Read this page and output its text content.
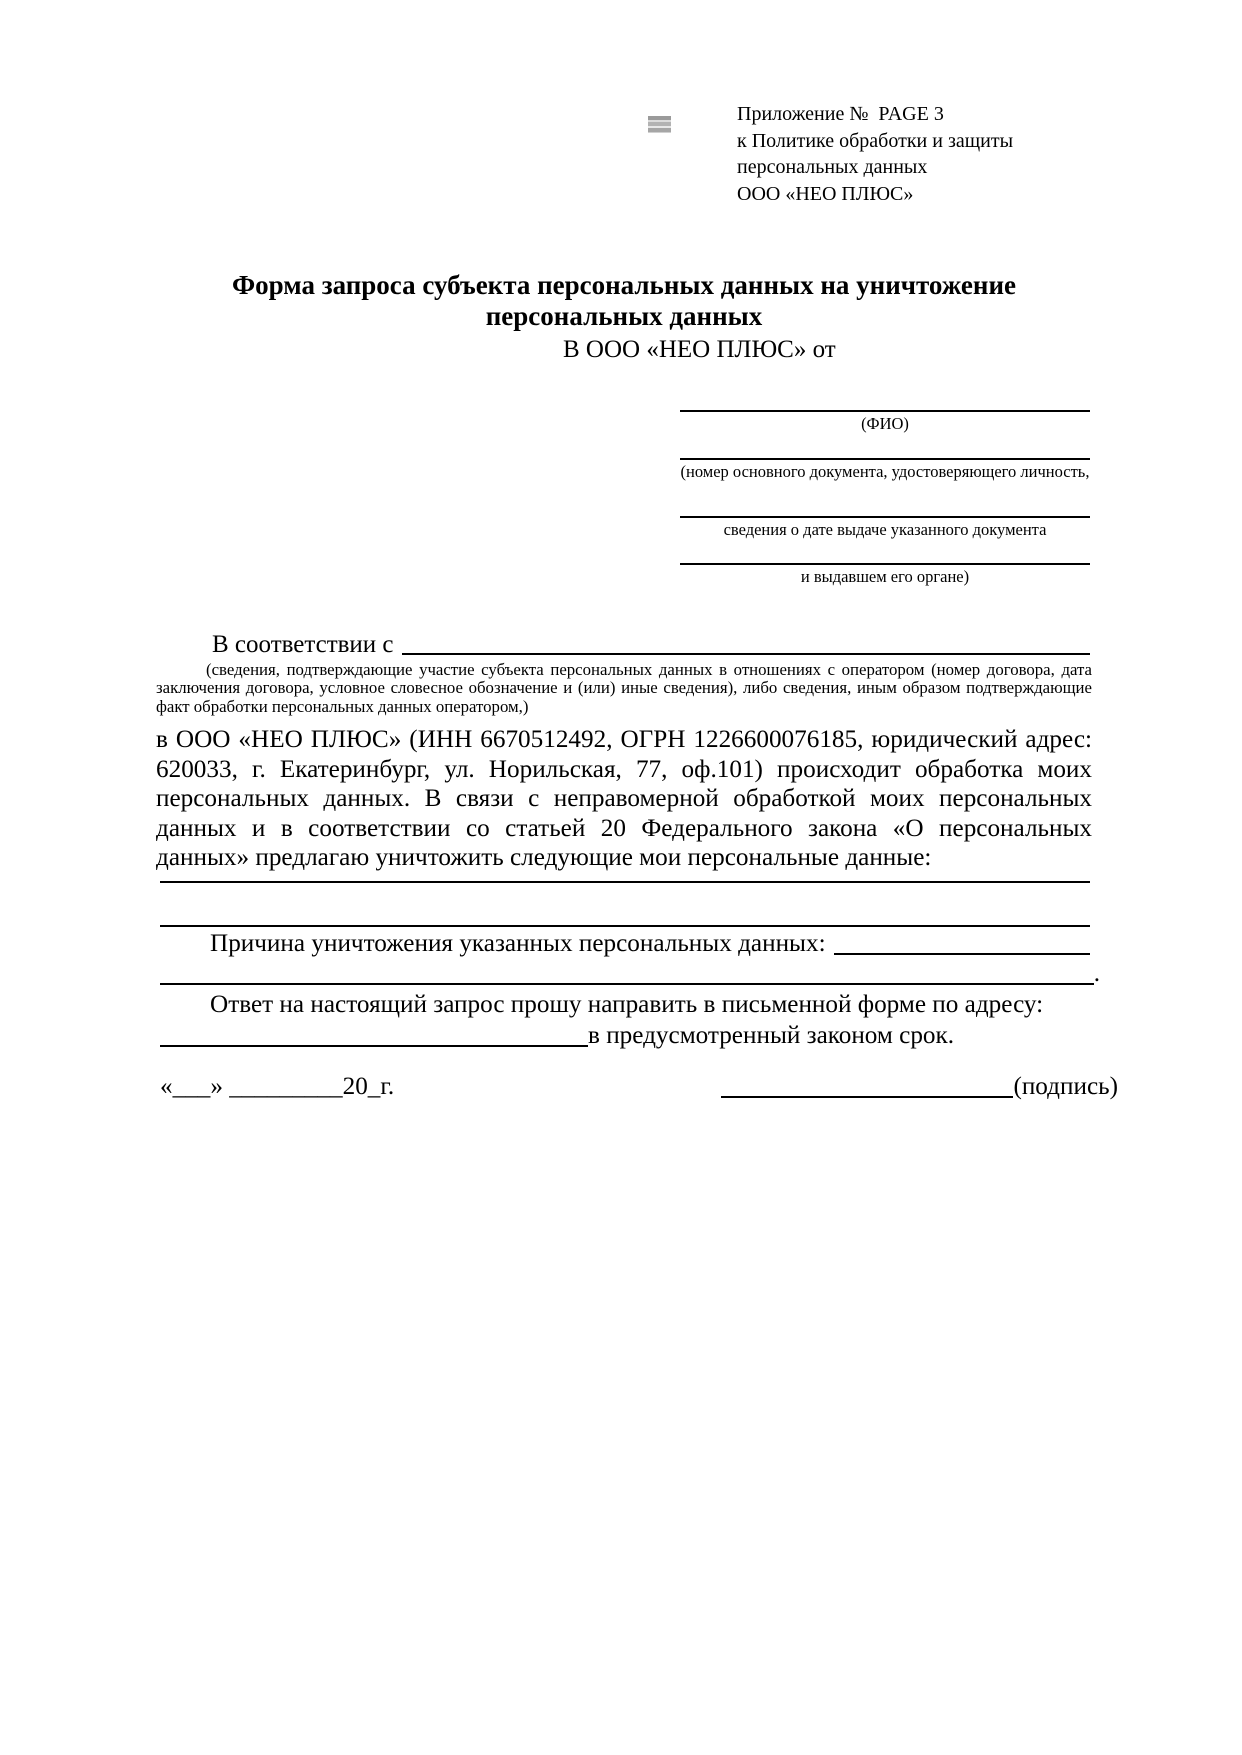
Приложение №  PAGE 3
к Политике обработки и защиты
персональных данных
ООО «НЕО ПЛЮС»
Форма запроса субъекта персональных данных на уничтожение
персональных данных
В ООО «НЕО ПЛЮС» от
(ФИО)
(номер основного документа, удостоверяющего личность,
сведения о дате выдаче указанного документа
и выдавшем его органе)
В соответствии с
(сведения, подтверждающие участие субъекта персональных данных в отношениях с оператором (номер договора, дата заключения договора, условное словесное обозначение и (или) иные сведения), либо сведения, иным образом подтверждающие факт обработки персональных данных оператором,)
в ООО «НЕО ПЛЮС» (ИНН 6670512492, ОГРН 1226600076185, юридический адрес: 620033, г. Екатеринбург, ул. Норильская, 77, оф.101) происходит обработка моих персональных данных. В связи с неправомерной обработкой моих персональных данных и в соответствии со статьей 20 Федерального закона «О персональных данных» предлагаю уничтожить следующие мои персональные данные:
Причина уничтожения указанных персональных данных:
.
Ответ на настоящий запрос прошу направить в письменной форме по адресу:
в предусмотренный законом срок.
«___» _________20_г.	(подпись)
